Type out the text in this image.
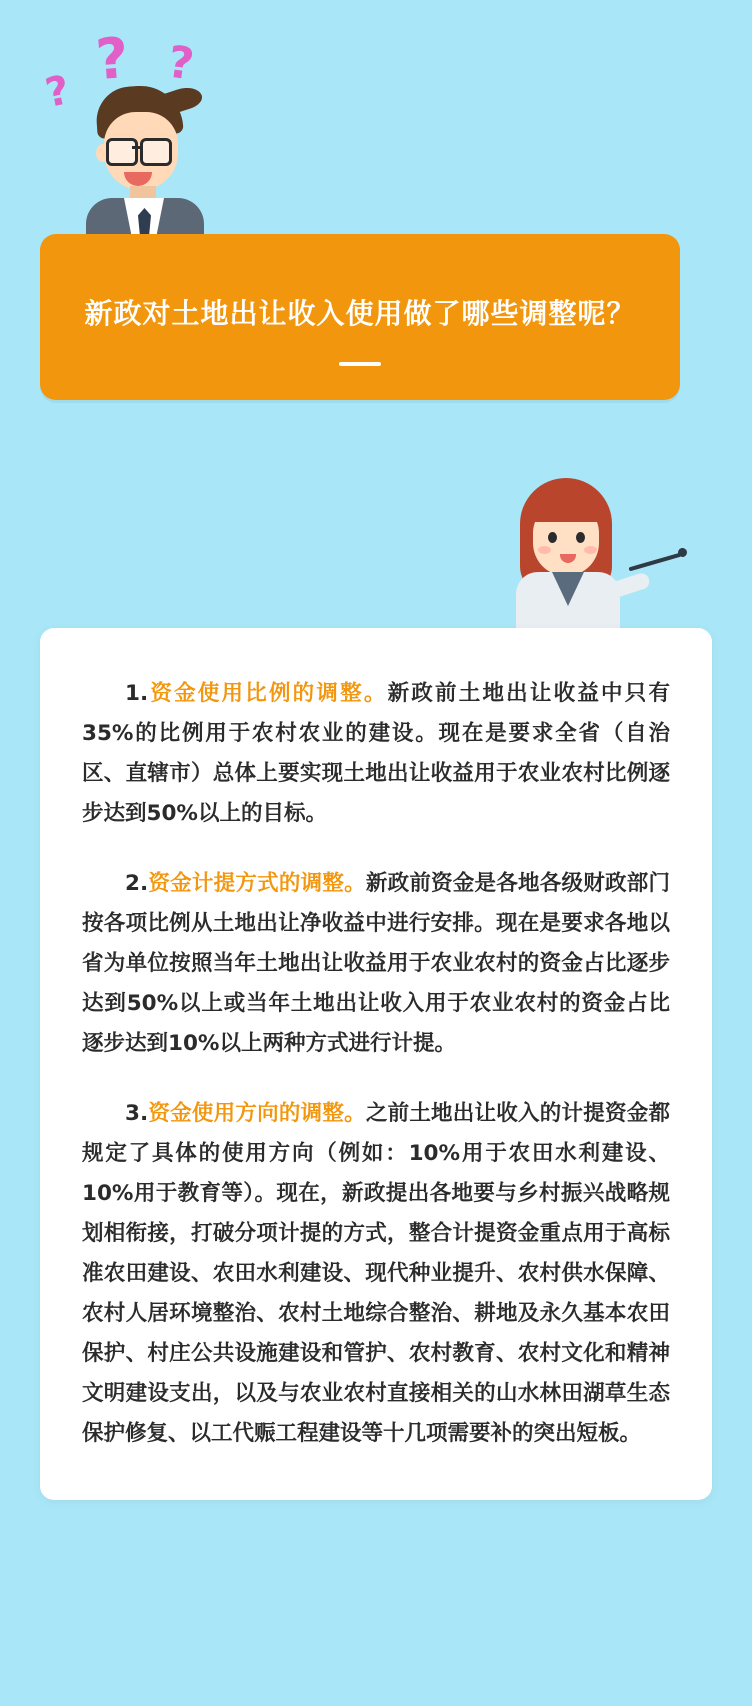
? ? ?
新政对土地出让收入使用做了哪些调整呢？

1.资金使用比例的调整。新政前土地出让收益中只有35%的比例用于农村农业的建设。现在是要求全省（自治区、直辖市）总体上要实现土地出让收益用于农业农村比例逐步达到50%以上的目标。

2.资金计提方式的调整。新政前资金是各地各级财政部门按各项比例从土地出让净收益中进行安排。现在是要求各地以省为单位按照当年土地出让收益用于农业农村的资金占比逐步达到50%以上或当年土地出让收入用于农业农村的资金占比逐步达到10%以上两种方式进行计提。

3.资金使用方向的调整。之前土地出让收入的计提资金都规定了具体的使用方向（例如：10%用于农田水利建设、10%用于教育等）。现在，新政提出各地要与乡村振兴战略规划相衔接，打破分项计提的方式，整合计提资金重点用于高标准农田建设、农田水利建设、现代种业提升、农村供水保障、农村人居环境整治、农村土地综合整治、耕地及永久基本农田保护、村庄公共设施建设和管护、农村教育、农村文化和精神文明建设支出，以及与农业农村直接相关的山水林田湖草生态保护修复、以工代赈工程建设等十几项需要补的突出短板。
